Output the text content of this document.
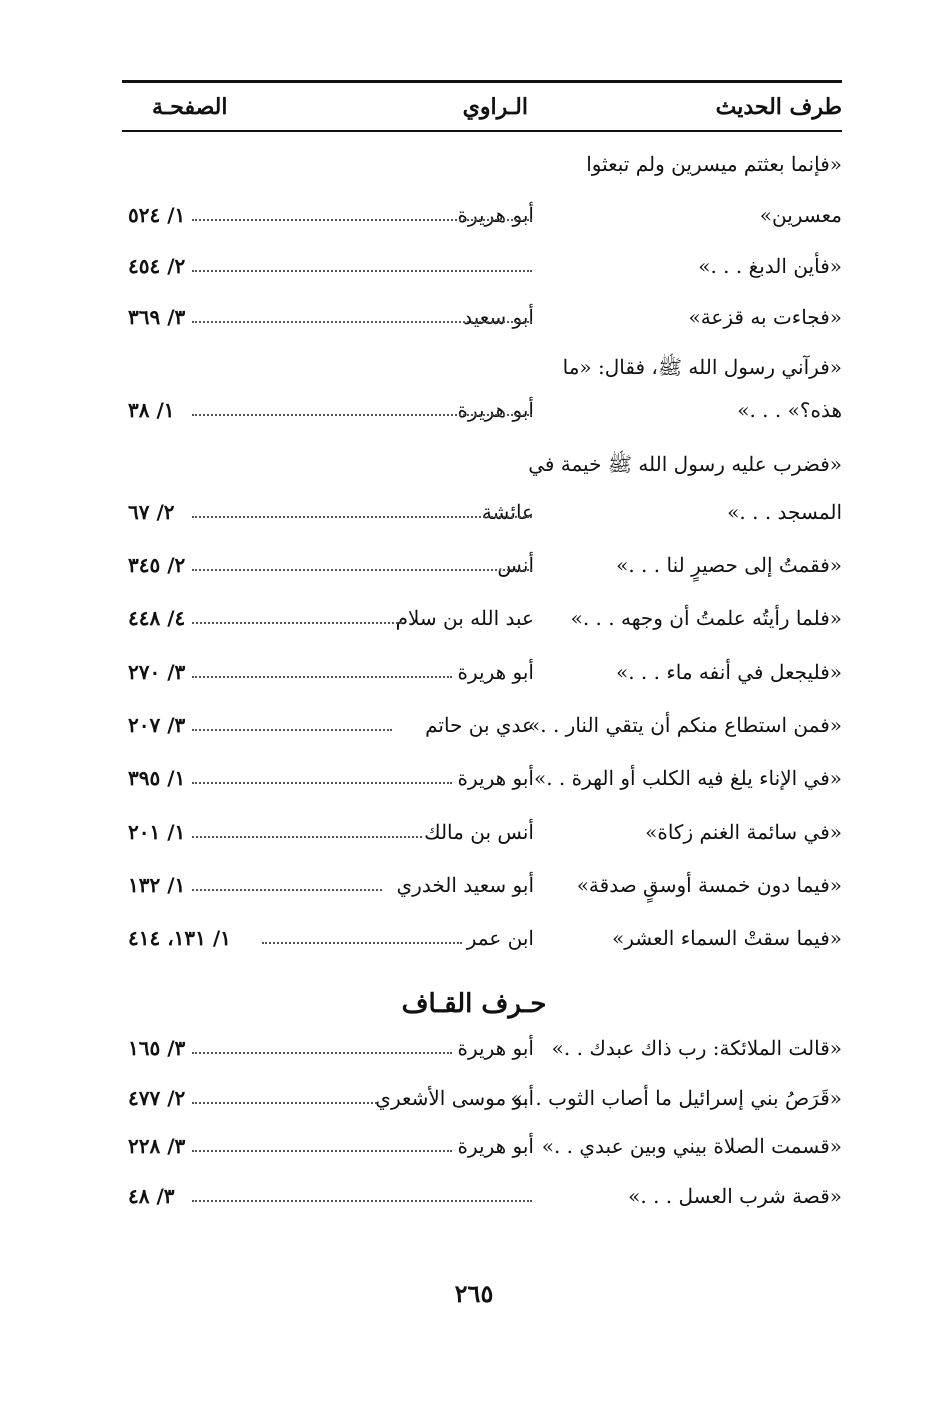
طرف الحديث
الـراوي
الصفحـة
«فإنما بعثتم ميسرين ولم تبعثوا
معسرين»
أبو هريرة
١/ ٥٢٤
«فأين الدبغ . . .»
٢/ ٤٥٤
«فجاءت به قزعة»
أبو سعيد
٣/ ٣٦٩
«فرآني رسول الله ﷺ، فقال: «ما
هذه؟» . . .»
أبو هريرة
١/ ٣٨
«فضرب عليه رسول الله ﷺ خيمة في
المسجد . . .»
عائشة
٢/ ٦٧
«فقمتُ إلى حصيرٍ لنا . . .»
أنس
٢/ ٣٤٥
«فلما رأيتُه علمتُ أن وجهه . . .»
عبد الله بن سلام
٤/ ٤٤٨
«فليجعل في أنفه ماء . . .»
أبو هريرة
٣/ ٢٧٠
«فمن استطاع منكم أن يتقي النار . .»
عدي بن حاتم
٣/ ٢٠٧
«في الإناء يلغ فيه الكلب أو الهرة . .»
أبو هريرة
١/ ٣٩٥
«في سائمة الغنم زكاة»
أنس بن مالك
١/ ٢٠١
«فيما دون خمسة أوسقٍ صدقة»
أبو سعيد الخدري
١/ ١٣٢
«فيما سقتْ السماء العشر»
ابن عمر
١/ ١٣١، ٤١٤
حـرف القـاف
«قالت الملائكة: رب ذاك عبدك . .»
أبو هريرة
٣/ ١٦٥
«قَرَصُ بني إسرائيل ما أصاب الثوب . .»
أبو موسى الأشعري
٢/ ٤٧٧
«قسمت الصلاة بيني وبين عبدي . .»
أبو هريرة
٣/ ٢٢٨
«قصة شرب العسل . . .»
٣/ ٤٨
٢٦٥
